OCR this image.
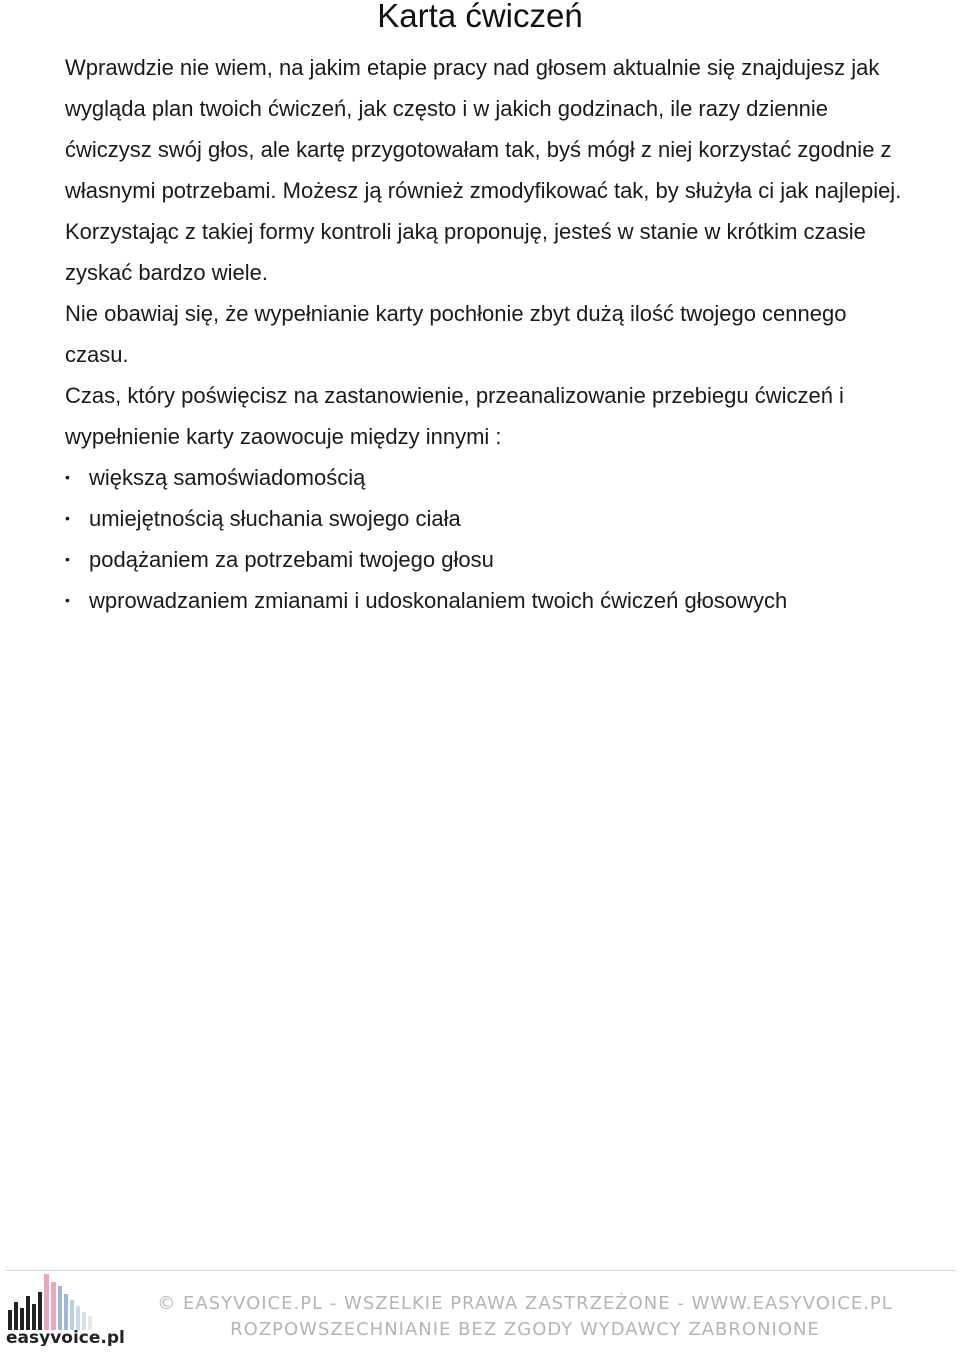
Karta ćwiczeń

Wprawdzie nie wiem, na jakim etapie pracy nad głosem aktualnie się znajdujesz jak wygląda plan twoich ćwiczeń, jak często i w jakich godzinach, ile razy dziennie ćwiczysz swój głos, ale kartę przygotowałam tak, byś mógł z niej korzystać zgodnie z własnymi potrzebami. Możesz ją również zmodyfikować tak, by służyła ci jak najlepiej.

Korzystając z takiej formy kontroli jaką proponuję, jesteś w stanie w krótkim czasie zyskać bardzo wiele.

Nie obawiaj się, że wypełnianie karty pochłonie zbyt dużą ilość twojego cennego czasu.

Czas, który poświęcisz na zastanowienie, przeanalizowanie przebiegu ćwiczeń i wypełnienie karty zaowocuje między innymi :

• większą samoświadomością
• umiejętnością słuchania swojego ciała
• podążaniem za potrzebami twojego głosu
• wprowadzaniem zmianami i udoskonalaniem twoich ćwiczeń głosowych
easyvoice.pl
© EASYVOICE.PL - WSZELKIE PRAWA ZASTRZEŻONE - WWW.EASYVOICE.PL
ROZPOWSZECHNIANIE BEZ ZGODY WYDAWCY ZABRONIONE
